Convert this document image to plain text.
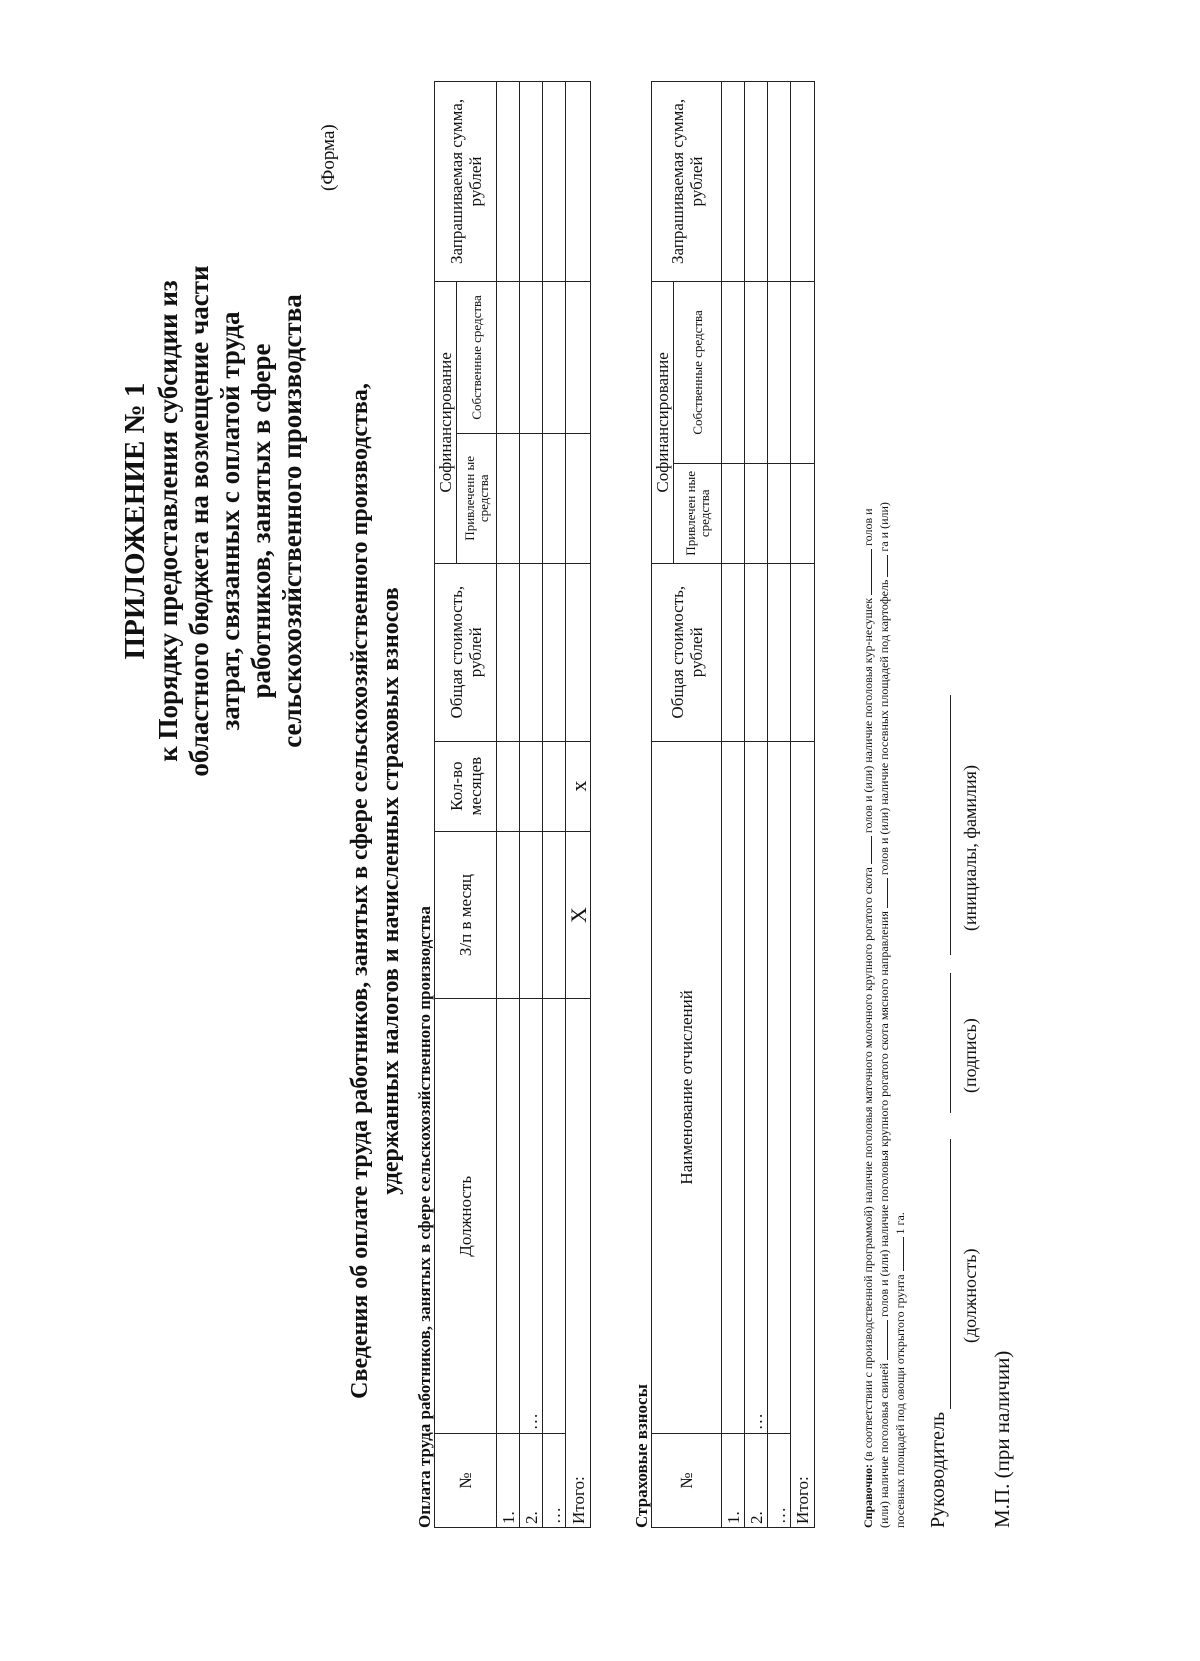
ПРИЛОЖЕНИЕ № 1 к Порядку предоставления субсидии из областного бюджета на возмещение части затрат, связанных с оплатой труда работников, занятых в сфере сельскохозяйственного производства
(Форма)
Сведения об оплате труда работников, занятых в сфере сельскохозяйственного производства, удержанных налогов и начисленных страховых взносов
Оплата труда работников, занятых в сфере сельскохозяйственного производства №	Должность	З/п в месяц	Кол-во месяцев	Общая стоимость, рублей	Софинансирование		Запрашиваемая сумма, рублей
					Привлеченн ые средства	Собственные средства	
1.							
2.	…						
…							
Итого:		X	x				
Страховые взносы №	Наименование отчислений	Общая стоимость, рублей	Софинансирование		Запрашиваемая сумма, рублей
			Привлечен ные средства	Собственные средства	
1.					
2.	…				
…					
Итого:						Справочно: (в соответствии с производственной программой) наличие поголовья маточного молочного крупного рогатого скота  голов и (или) наличие поголовья кур-несушек  голов и
(или) наличие поголовья свиней  голов и (или) наличие поголовья крупного рогатого скота мясного направления  голов и (или) наличие посевных площадей под картофель  га и (или)
посевных площадей под овощи открытого грунта  1 га.
Руководитель
(должность)
(подпись)
(инициалы, фамилия)
М.П. (при наличии)
